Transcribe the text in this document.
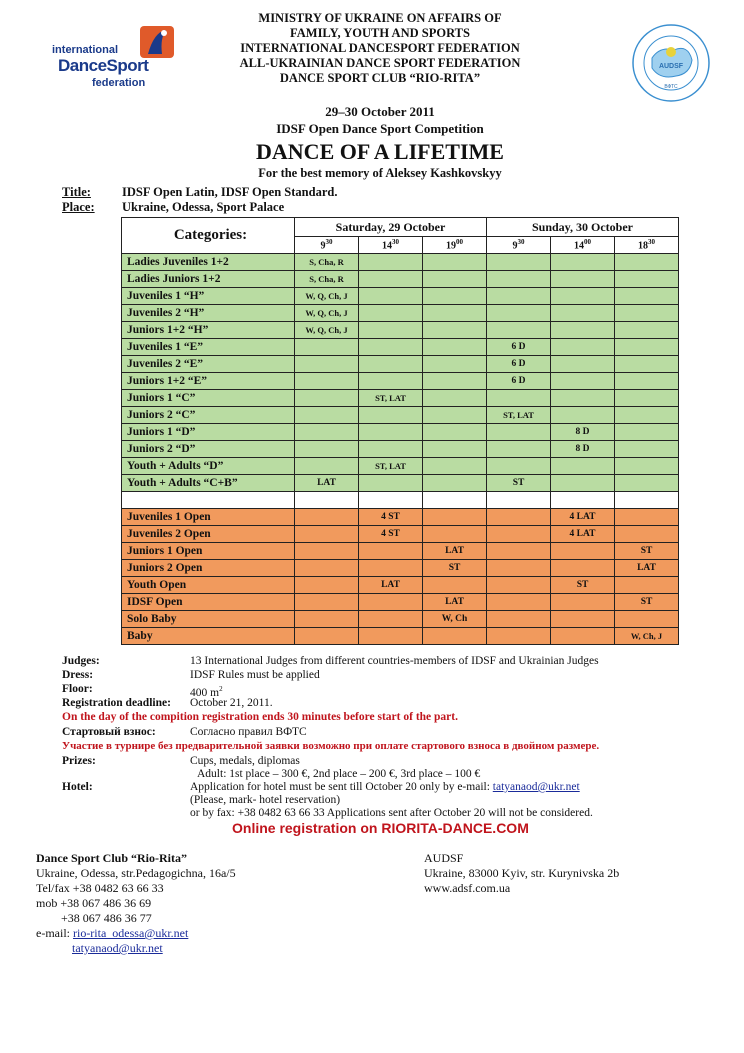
international
DanceSport
federation
AUDSF
ВФТС
MINISTRY OF UKRAINE ON AFFAIRS OF
FAMILY, YOUTH AND SPORTS
INTERNATIONAL DANCESPORT FEDERATION
ALL-UKRAINIAN DANCE SPORT FEDERATION
DANCE SPORT CLUB “RIO-RITA”
29–30 October 2011
IDSF Open Dance Sport Competition
DANCE OF A LIFETIME
For the best memory of Aleksey Kashkovskyy
Title: IDSF Open Latin, IDSF Open Standard.
Place: Ukraine, Odessa, Sport Palace
Categories:	Saturday, 29 October			Sunday, 30 October		
	$9^{30}$	$14^{30}$	$19^{00}$	$9^{30}$	$14^{00}$	$18^{30}$
Ladies Juveniles 1+2	S, Cha, R					
Ladies Juniors 1+2	S, Cha, R					
Juveniles 1 “H”	W, Q, Ch, J					
Juveniles 2 “H”	W, Q, Ch, J					
Juniors 1+2 “H”	W, Q, Ch, J					
Juveniles 1 “E”				6 D		
Juveniles 2 “E”				6 D		
Juniors 1+2 “E”				6 D		
Juniors 1 “C”		ST, LAT				
Juniors 2 “C”				ST, LAT		
Juniors 1 “D”					8 D	
Juniors 2 “D”					8 D	
Youth + Adults “D”		ST, LAT				
Youth + Adults “C+B”	LAT			ST		

Juveniles 1 Open		4 ST			4 LAT	
Juveniles 2 Open		4 ST			4 LAT	
Juniors 1 Open			LAT			ST
Juniors 2 Open			ST			LAT
Youth Open		LAT			ST	
IDSF Open			LAT			ST
Solo Baby			W, Ch			
Baby						W, Ch, J
Judges:	13 International Judges from different countries-members of IDSF and Ukrainian Judges
Dress:	IDSF Rules must be applied
Floor:	400 $m^2$
Registration deadline: October 21, 2011.
On the day of the compition registration ends 30 minutes before start of the part.
Стартовый взнос:	Согласно правил ВФТС
Участие в турнире без предварительной заявки возможно при оплате стартового взноса в двойном размере.
Prizes:	Cups, medals, diplomas
Adult: 1st place – 300 €, 2nd place – 200 €, 3rd place – 100 €
Hotel:	Application for hotel must be sent till October 20 only by e-mail: tatyanaod@ukr.net
(Please, mark- hotel reservation)
or by fax: +38 0482 63 66 33 Applications sent after October 20 will not be considered.
Online registration on RIORITA-DANCE.COM
Dance Sport Club “Rio-Rita”
Ukraine, Odessa, str.Pedagogichna, 16a/5
Tel/fax +38 0482 63 66 33
mob +38 067 486 36 69
+38 067 486 36 77
e-mail: rio-rita_odessa@ukr.net
tatyanaod@ukr.net
AUDSF
Ukraine, 83000 Kyiv, str. Kurynivska 2b
www.adsf.com.ua
